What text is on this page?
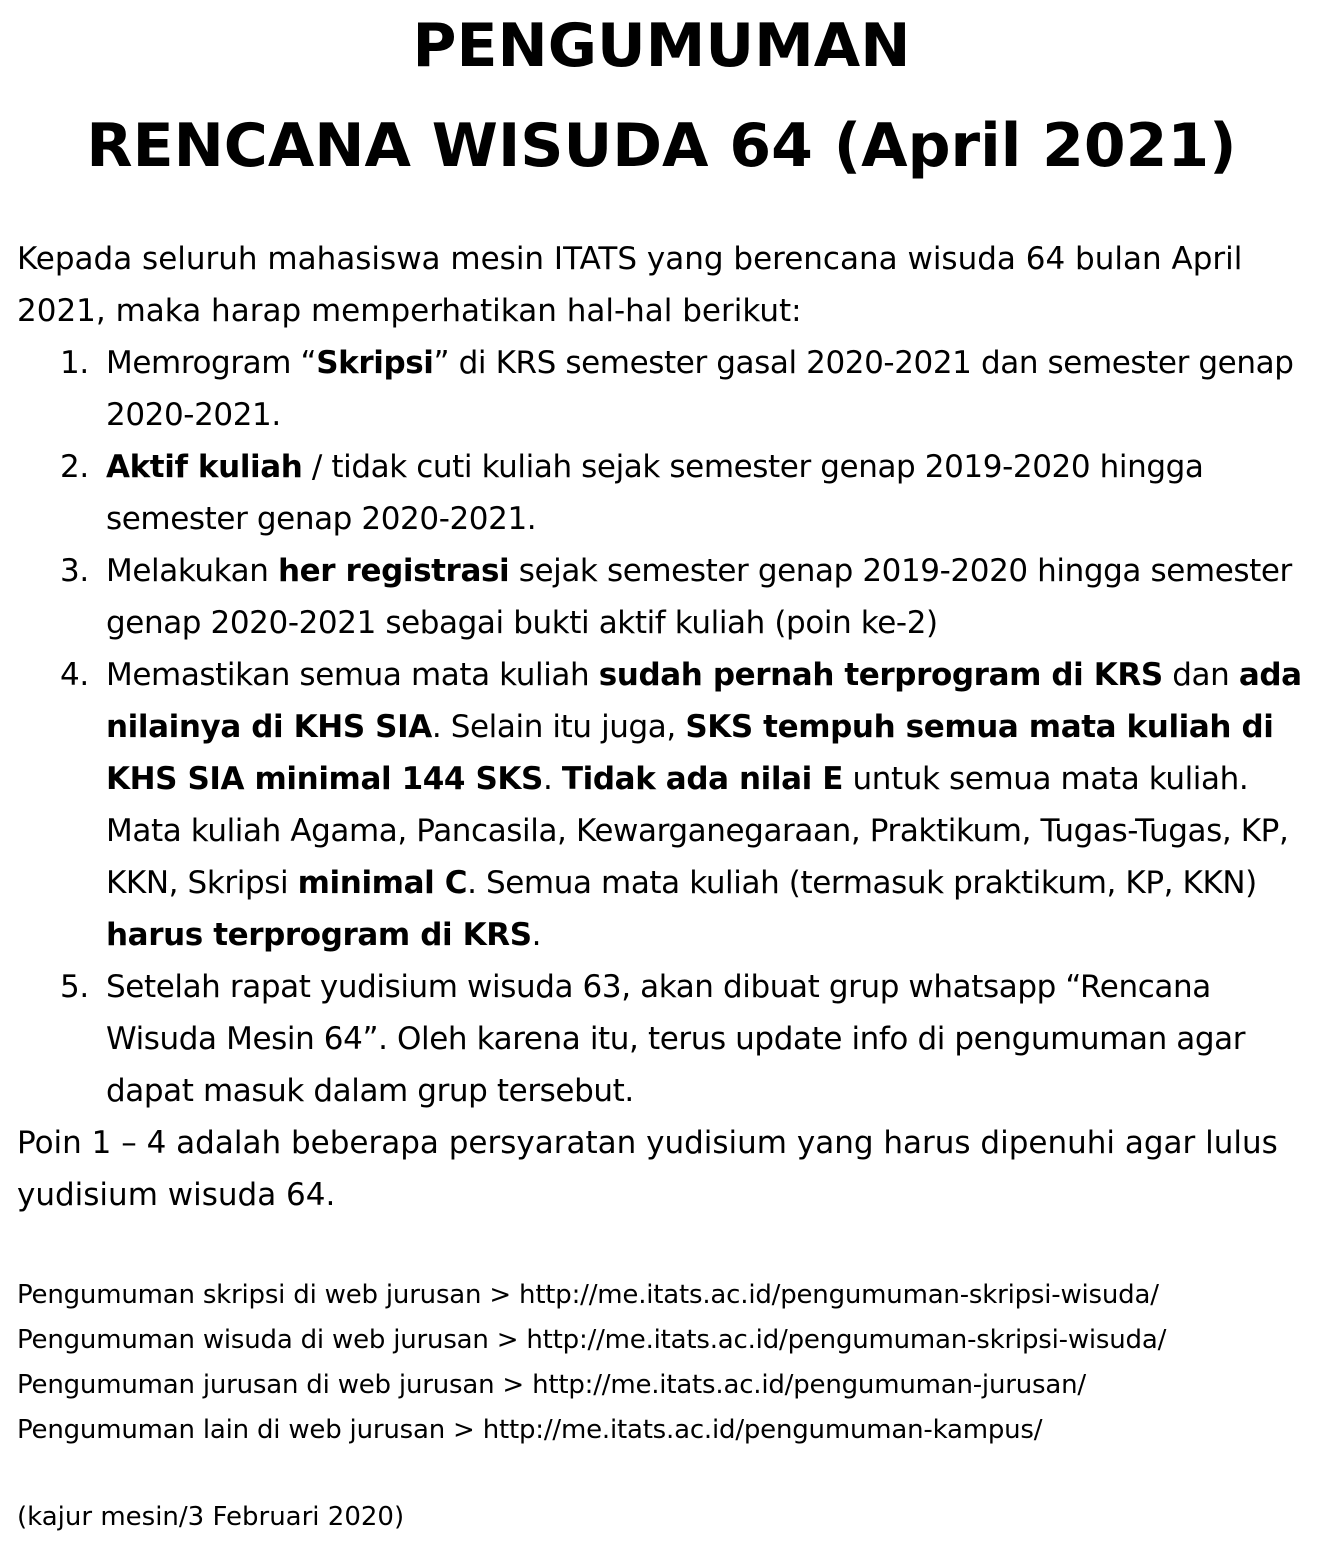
PENGUMUMAN
RENCANA WISUDA 64 (April 2021)

Kepada seluruh mahasiswa mesin ITATS yang berencana wisuda 64 bulan April 2021, maka harap memperhatikan hal-hal berikut:

1. Memrogram “Skripsi” di KRS semester gasal 2020-2021 dan semester genap 2020-2021.
2. Aktif kuliah / tidak cuti kuliah sejak semester genap 2019-2020 hingga semester genap 2020-2021.
3. Melakukan her registrasi sejak semester genap 2019-2020 hingga semester genap 2020-2021 sebagai bukti aktif kuliah (poin ke-2)
4. Memastikan semua mata kuliah sudah pernah terprogram di KRS dan ada nilainya di KHS SIA. Selain itu juga, SKS tempuh semua mata kuliah di KHS SIA minimal 144 SKS. Tidak ada nilai E untuk semua mata kuliah. Mata kuliah Agama, Pancasila, Kewarganegaraan, Praktikum, Tugas-Tugas, KP, KKN, Skripsi minimal C. Semua mata kuliah (termasuk praktikum, KP, KKN) harus terprogram di KRS.
5. Setelah rapat yudisium wisuda 63, akan dibuat grup whatsapp “Rencana Wisuda Mesin 64”. Oleh karena itu, terus update info di pengumuman agar dapat masuk dalam grup tersebut.

Poin 1 – 4 adalah beberapa persyaratan yudisium yang harus dipenuhi agar lulus yudisium wisuda 64.

Pengumuman skripsi di web jurusan > http://me.itats.ac.id/pengumuman-skripsi-wisuda/
Pengumuman wisuda di web jurusan > http://me.itats.ac.id/pengumuman-skripsi-wisuda/
Pengumuman jurusan di web jurusan > http://me.itats.ac.id/pengumuman-jurusan/
Pengumuman lain di web jurusan > http://me.itats.ac.id/pengumuman-kampus/
(kajur mesin/3 Februari 2020)
